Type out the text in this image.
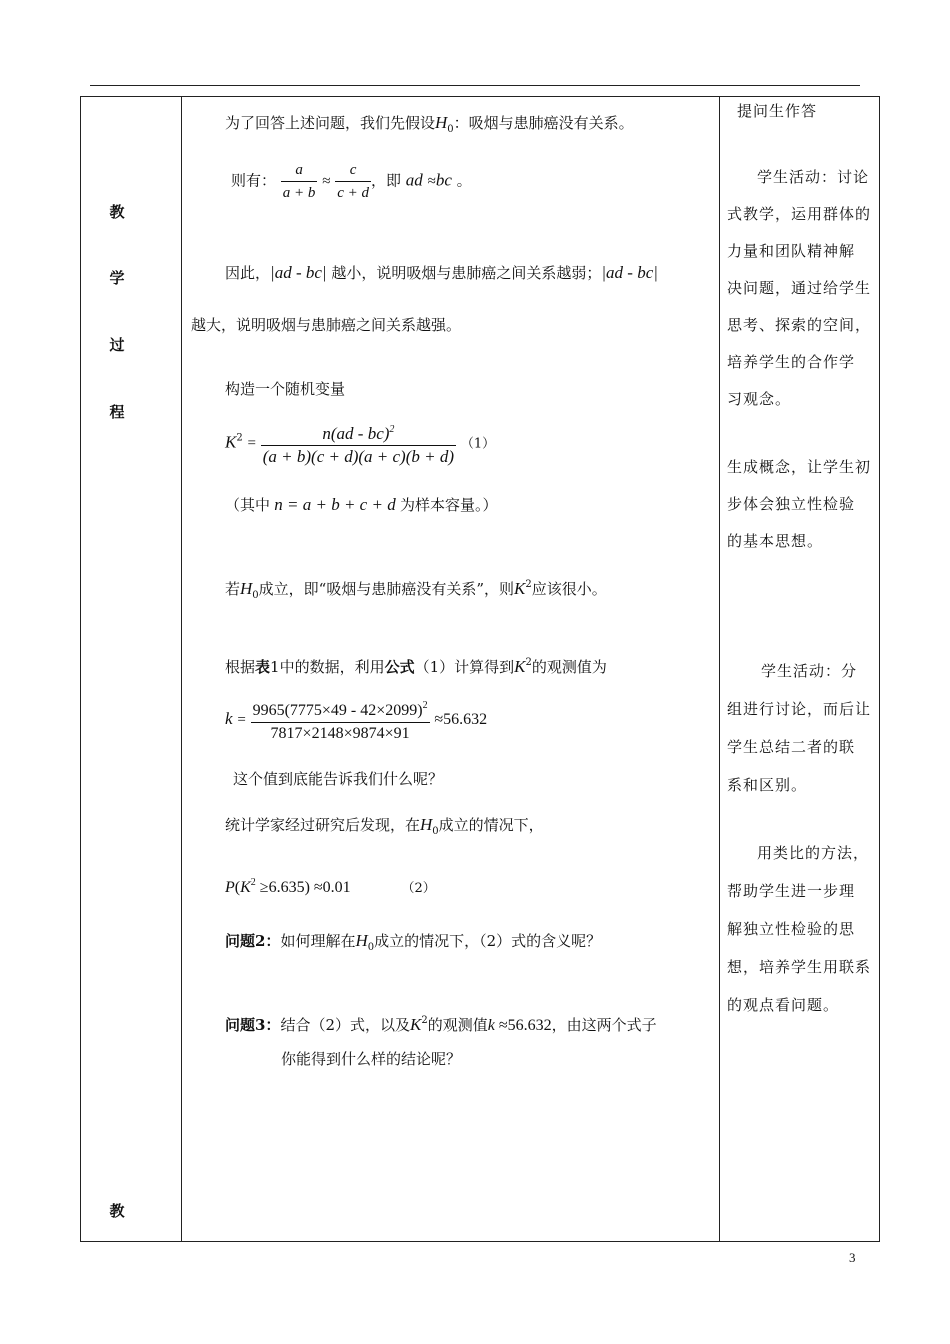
教
学
过
程
教
为了回答上述问题，我们先假设$H_0$：吸烟与患肺癌没有关系。
则有： $\frac{a}{a + b} \approx \frac{c}{c + d}$ ，即 ad ≈bc 。
因此，|ad - bc| 越小，说明吸烟与患肺癌之间关系越弱；|ad - bc|
越大，说明吸烟与患肺癌之间关系越强。
构造一个随机变量
$K^2 = \frac{n(ad - bc)^2}{(a + b)(c + d)(a + c)(b + d)} (1)$
（其中 n = a + b + c + d 为样本容量。）
若$H_0$成立，即“吸烟与患肺癌没有关系”，则$K^2$应该很小。
根据表1中的数据，利用公式（1）计算得到$K^2$的观测值为
$k = \frac{9965(7775\times 49 - 42\times 2099)^2}{7817\times 2148\times 9874\times 91} \approx 56.632$
这个值到底能告诉我们什么呢？
统计学家经过研究后发现，在$H_0$成立的情况下，
$P(K^2 \ge 6.635) \approx 0.01$	（2）
问题2：如何理解在$H_0$成立的情况下，（2）式的含义呢？
问题3：结合（2）式，以及$K^2$的观测值k ≈56.632，由这两个式子
你能得到什么样的结论呢？
提问生作答
学生活动：讨论
式教学，运用群体的
力量和团队精神解
决问题，通过给学生
思考、探索的空间，
培养学生的合作学
习观念。
生成概念，让学生初
步体会独立性检验
的基本思想。
学生活动：分
组进行讨论，而后让
学生总结二者的联
系和区别。
用类比的方法，
帮助学生进一步理
解独立性检验的思
想，培养学生用联系
的观点看问题。
3
